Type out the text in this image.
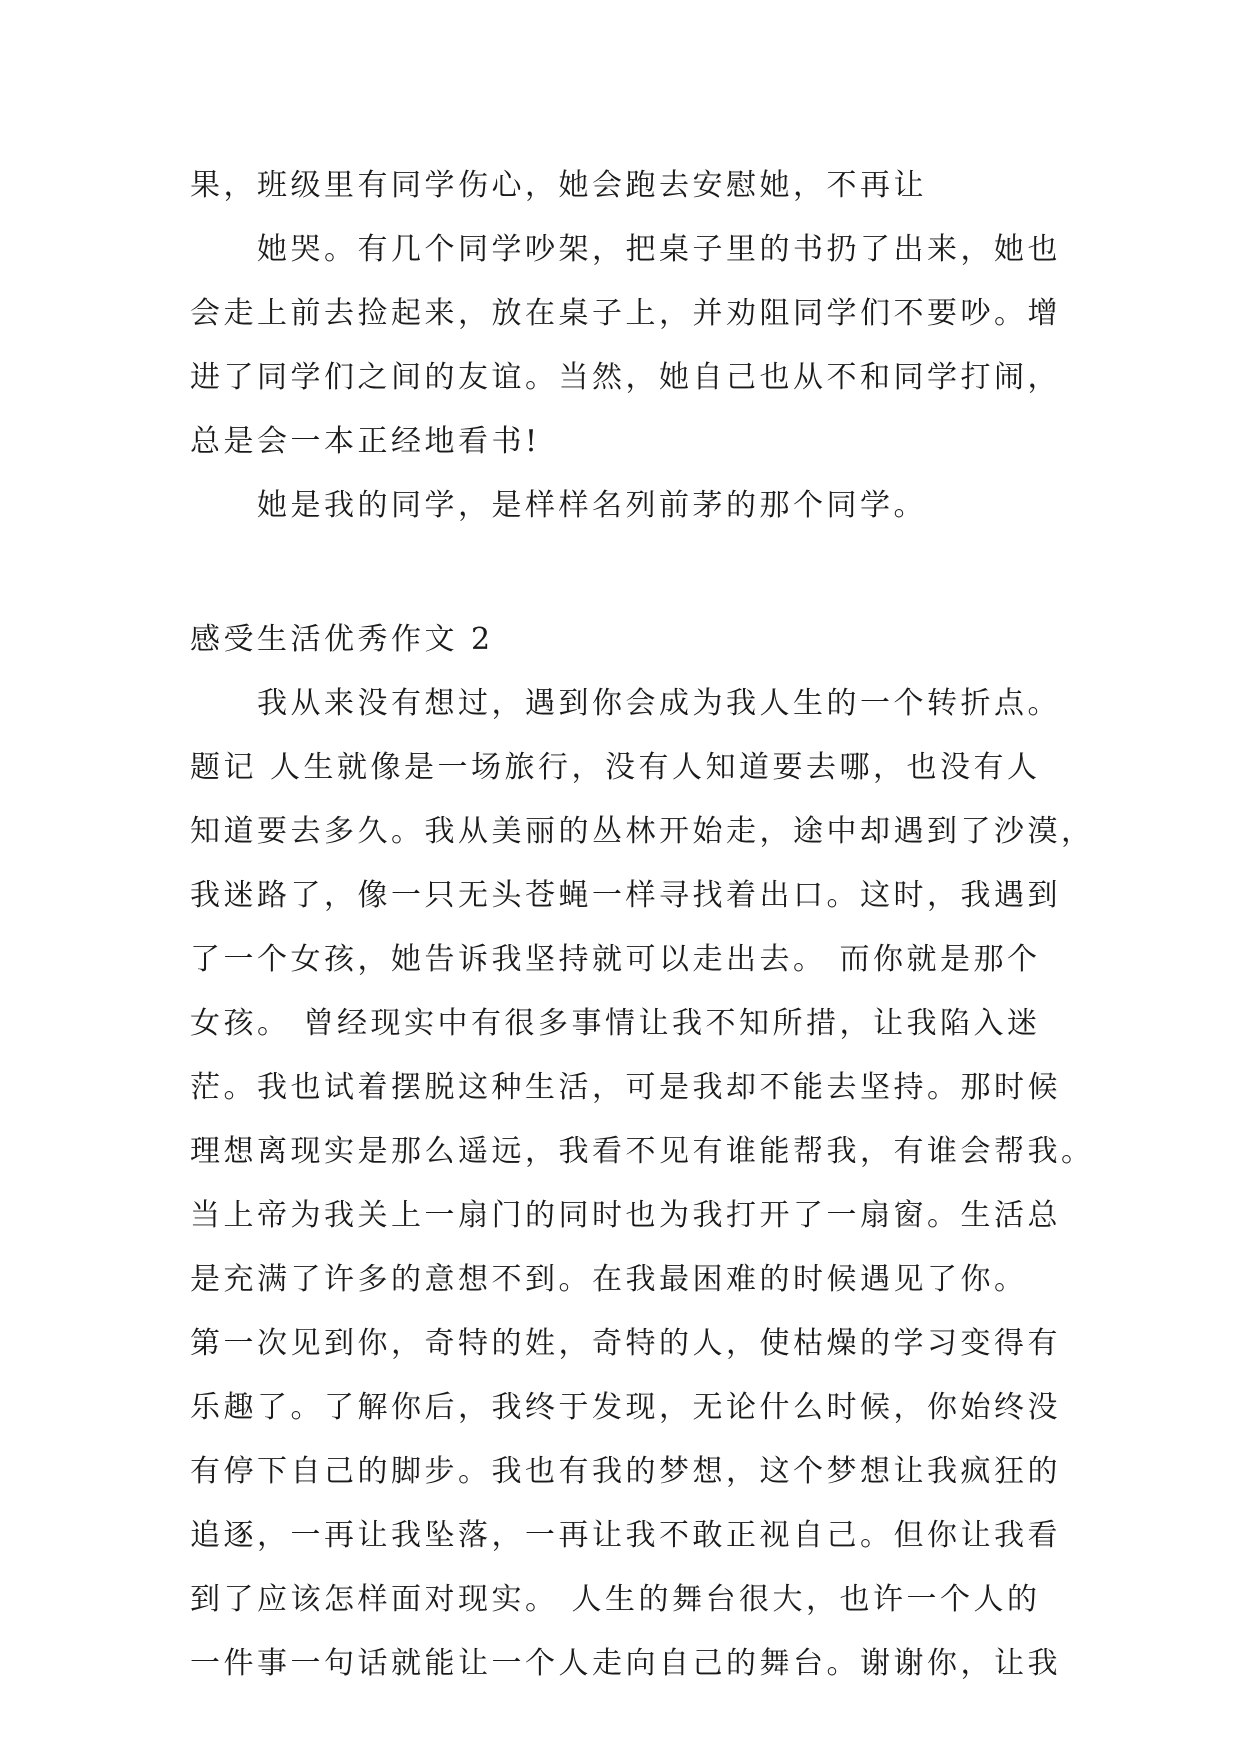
果，班级里有同学伤心，她会跑去安慰她，不再让
　　她哭。有几个同学吵架，把桌子里的书扔了出来，她也
会走上前去捡起来，放在桌子上，并劝阻同学们不要吵。增
进了同学们之间的友谊。当然，她自己也从不和同学打闹，
总是会一本正经地看书!
　　她是我的同学，是样样名列前茅的那个同学。
感受生活优秀作文 2
　　我从来没有想过，遇到你会成为我人生的一个转折点。
题记 人生就像是一场旅行，没有人知道要去哪，也没有人
知道要去多久。我从美丽的丛林开始走，途中却遇到了沙漠，
我迷路了，像一只无头苍蝇一样寻找着出口。这时，我遇到
了一个女孩，她告诉我坚持就可以走出去。 而你就是那个
女孩。 曾经现实中有很多事情让我不知所措，让我陷入迷
茫。我也试着摆脱这种生活，可是我却不能去坚持。那时候
理想离现实是那么遥远，我看不见有谁能帮我，有谁会帮我。
当上帝为我关上一扇门的同时也为我打开了一扇窗。生活总
是充满了许多的意想不到。在我最困难的时候遇见了你。
第一次见到你，奇特的姓，奇特的人，使枯燥的学习变得有
乐趣了。了解你后，我终于发现，无论什么时候，你始终没
有停下自己的脚步。我也有我的梦想，这个梦想让我疯狂的
追逐，一再让我坠落，一再让我不敢正视自己。但你让我看
到了应该怎样面对现实。 人生的舞台很大，也许一个人的
一件事一句话就能让一个人走向自己的舞台。谢谢你，让我
